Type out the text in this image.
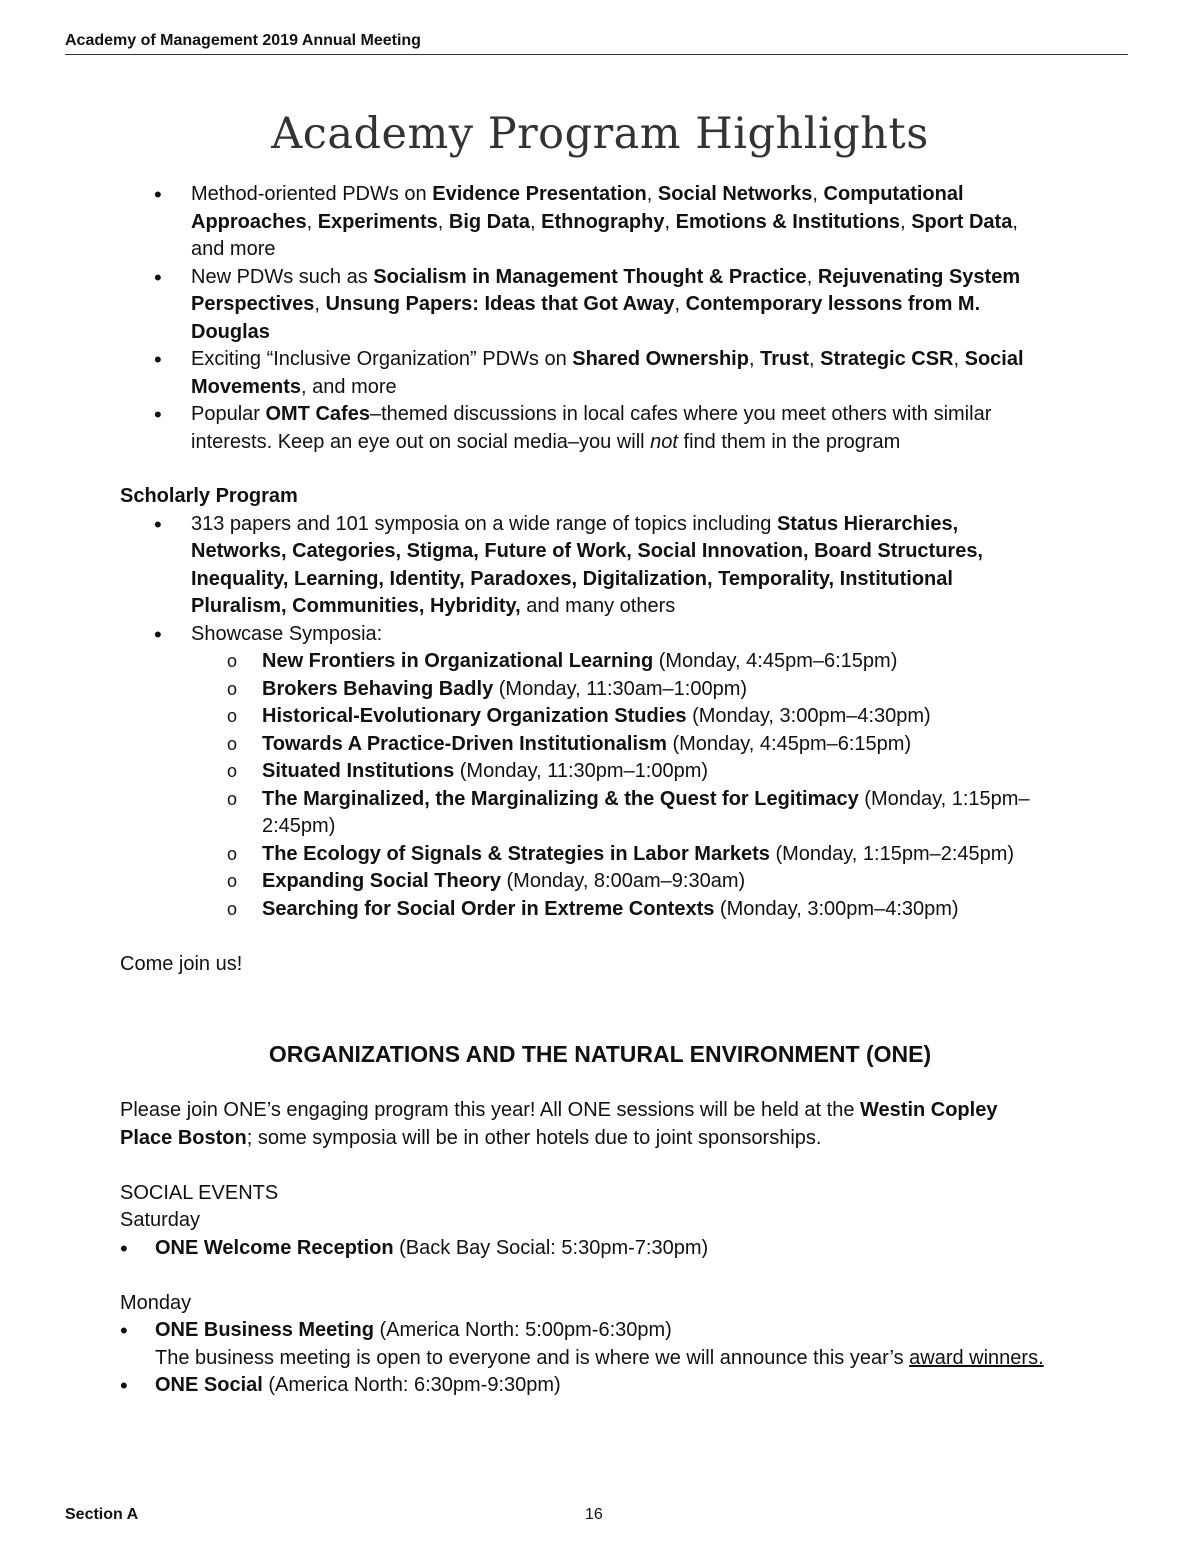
Academy of Management 2019 Annual Meeting
Academy Program Highlights
• Method-oriented PDWs on Evidence Presentation, Social Networks, Computational Approaches, Experiments, Big Data, Ethnography, Emotions & Institutions, Sport Data, and more
• New PDWs such as Socialism in Management Thought & Practice, Rejuvenating System Perspectives, Unsung Papers: Ideas that Got Away, Contemporary lessons from M. Douglas
• Exciting “Inclusive Organization” PDWs on Shared Ownership, Trust, Strategic CSR, Social Movements, and more
• Popular OMT Cafes–themed discussions in local cafes where you meet others with similar interests. Keep an eye out on social media–you will not find them in the program
Scholarly Program
• 313 papers and 101 symposia on a wide range of topics including Status Hierarchies, Networks, Categories, Stigma, Future of Work, Social Innovation, Board Structures, Inequality, Learning, Identity, Paradoxes, Digitalization, Temporality, Institutional Pluralism, Communities, Hybridity, and many others
• Showcase Symposia:
o New Frontiers in Organizational Learning (Monday, 4:45pm–6:15pm)
o Brokers Behaving Badly (Monday, 11:30am–1:00pm)
o Historical-Evolutionary Organization Studies (Monday, 3:00pm–4:30pm)
o Towards A Practice-Driven Institutionalism (Monday, 4:45pm–6:15pm)
o Situated Institutions (Monday, 11:30pm–1:00pm)
o The Marginalized, the Marginalizing & the Quest for Legitimacy (Monday, 1:15pm–2:45pm)
o The Ecology of Signals & Strategies in Labor Markets (Monday, 1:15pm–2:45pm)
o Expanding Social Theory (Monday, 8:00am–9:30am)
o Searching for Social Order in Extreme Contexts (Monday, 3:00pm–4:30pm)

Come join us!

ORGANIZATIONS AND THE NATURAL ENVIRONMENT (ONE)

Please join ONE’s engaging program this year! All ONE sessions will be held at the Westin Copley Place Boston; some symposia will be in other hotels due to joint sponsorships.

SOCIAL EVENTS
Saturday
• ONE Welcome Reception (Back Bay Social: 5:30pm-7:30pm)
Monday
• ONE Business Meeting (America North: 5:00pm-6:30pm)
The business meeting is open to everyone and is where we will announce this year’s award winners.
• ONE Social (America North: 6:30pm-9:30pm)
Section A	16
